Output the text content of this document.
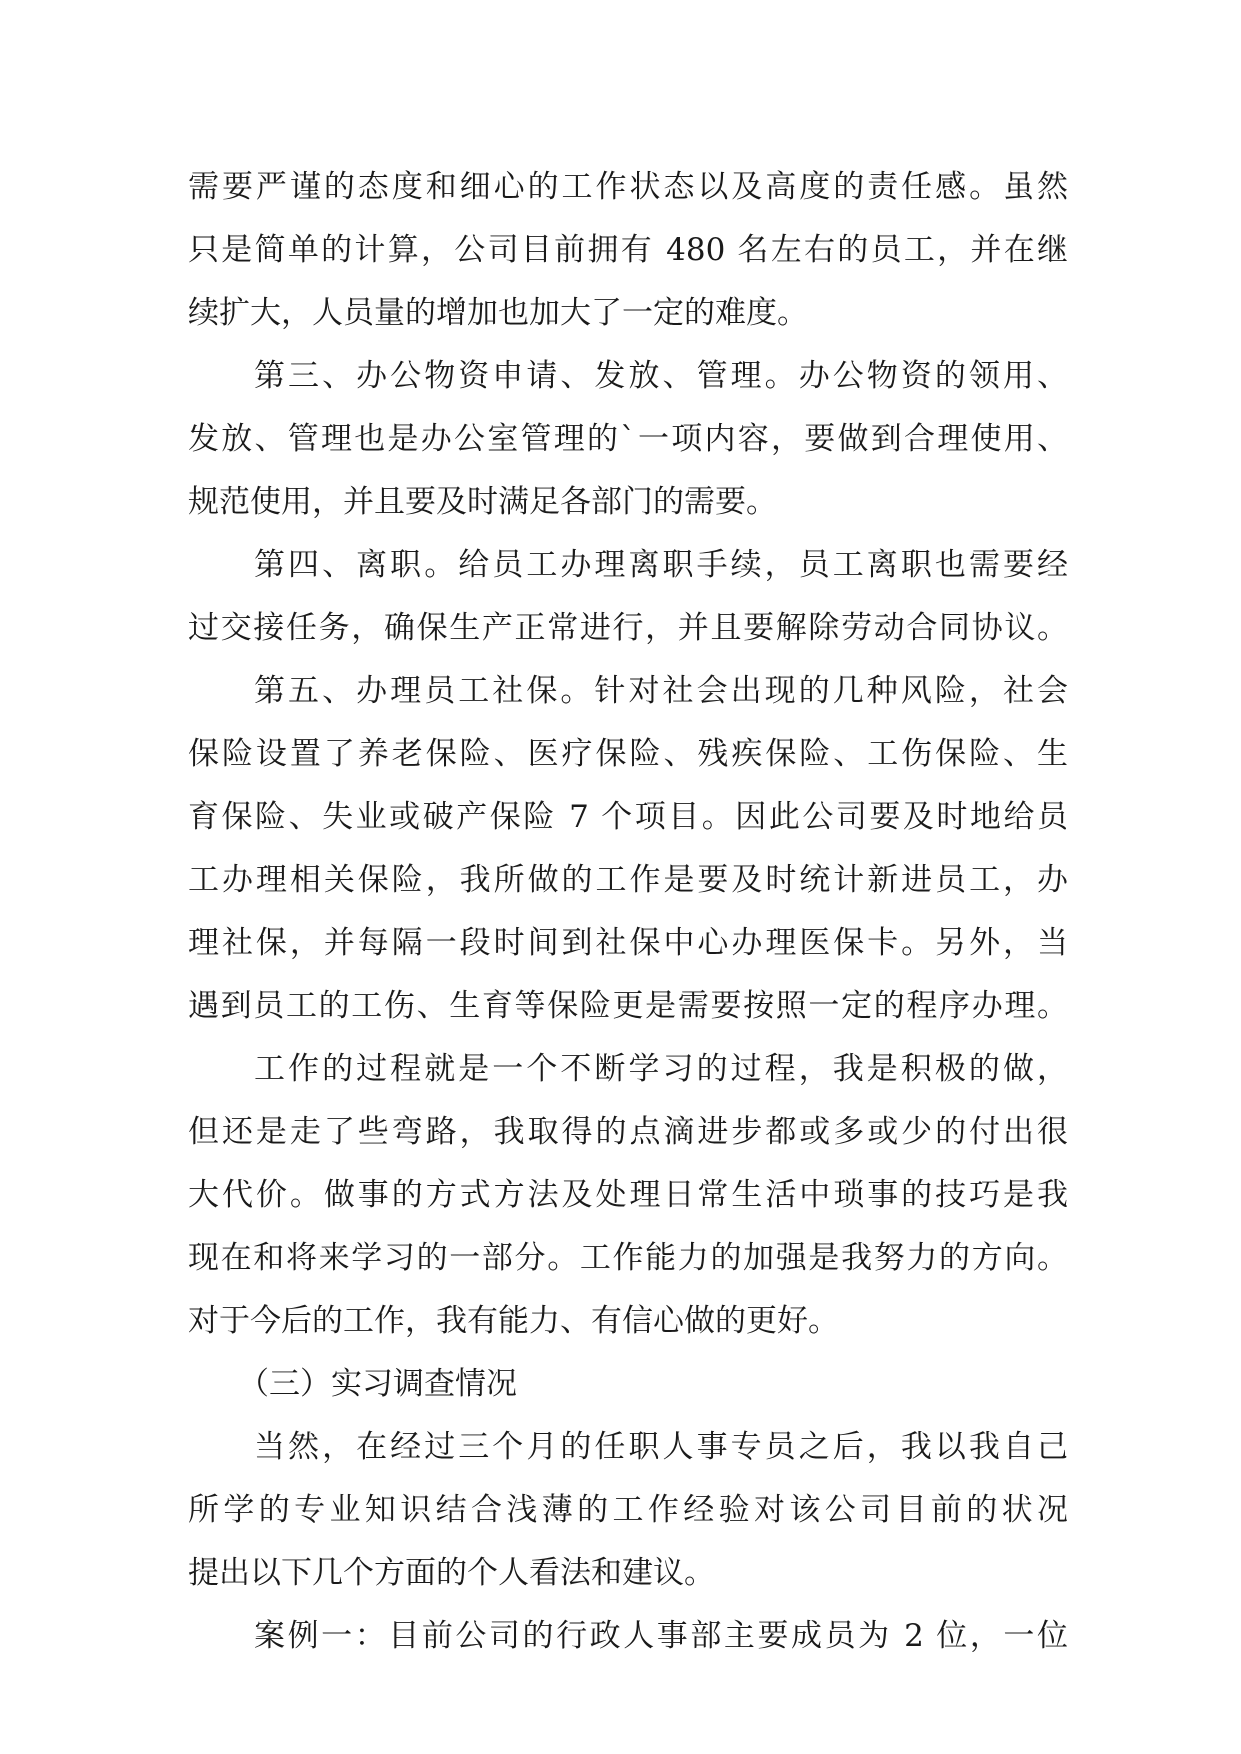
需要严谨的态度和细心的工作状态以及高度的责任感。虽然
只是简单的计算，公司目前拥有 480 名左右的员工，并在继
续扩大，人员量的增加也加大了一定的难度。
第三、办公物资申请、发放、管理。办公物资的领用、
发放、管理也是办公室管理的`一项内容，要做到合理使用、
规范使用，并且要及时满足各部门的需要。
第四、离职。给员工办理离职手续，员工离职也需要经
过交接任务，确保生产正常进行，并且要解除劳动合同协议。
第五、办理员工社保。针对社会出现的几种风险，社会
保险设置了养老保险、医疗保险、残疾保险、工伤保险、生
育保险、失业或破产保险 7 个项目。因此公司要及时地给员
工办理相关保险，我所做的工作是要及时统计新进员工，办
理社保，并每隔一段时间到社保中心办理医保卡。另外，当
遇到员工的工伤、生育等保险更是需要按照一定的程序办理。
工作的过程就是一个不断学习的过程，我是积极的做，
但还是走了些弯路，我取得的点滴进步都或多或少的付出很
大代价。做事的方式方法及处理日常生活中琐事的技巧是我
现在和将来学习的一部分。工作能力的加强是我努力的方向。
对于今后的工作，我有能力、有信心做的更好。
（三）实习调查情况
当然，在经过三个月的任职人事专员之后，我以我自己
所学的专业知识结合浅薄的工作经验对该公司目前的状况
提出以下几个方面的个人看法和建议。
案例一：目前公司的行政人事部主要成员为 2 位，一位
